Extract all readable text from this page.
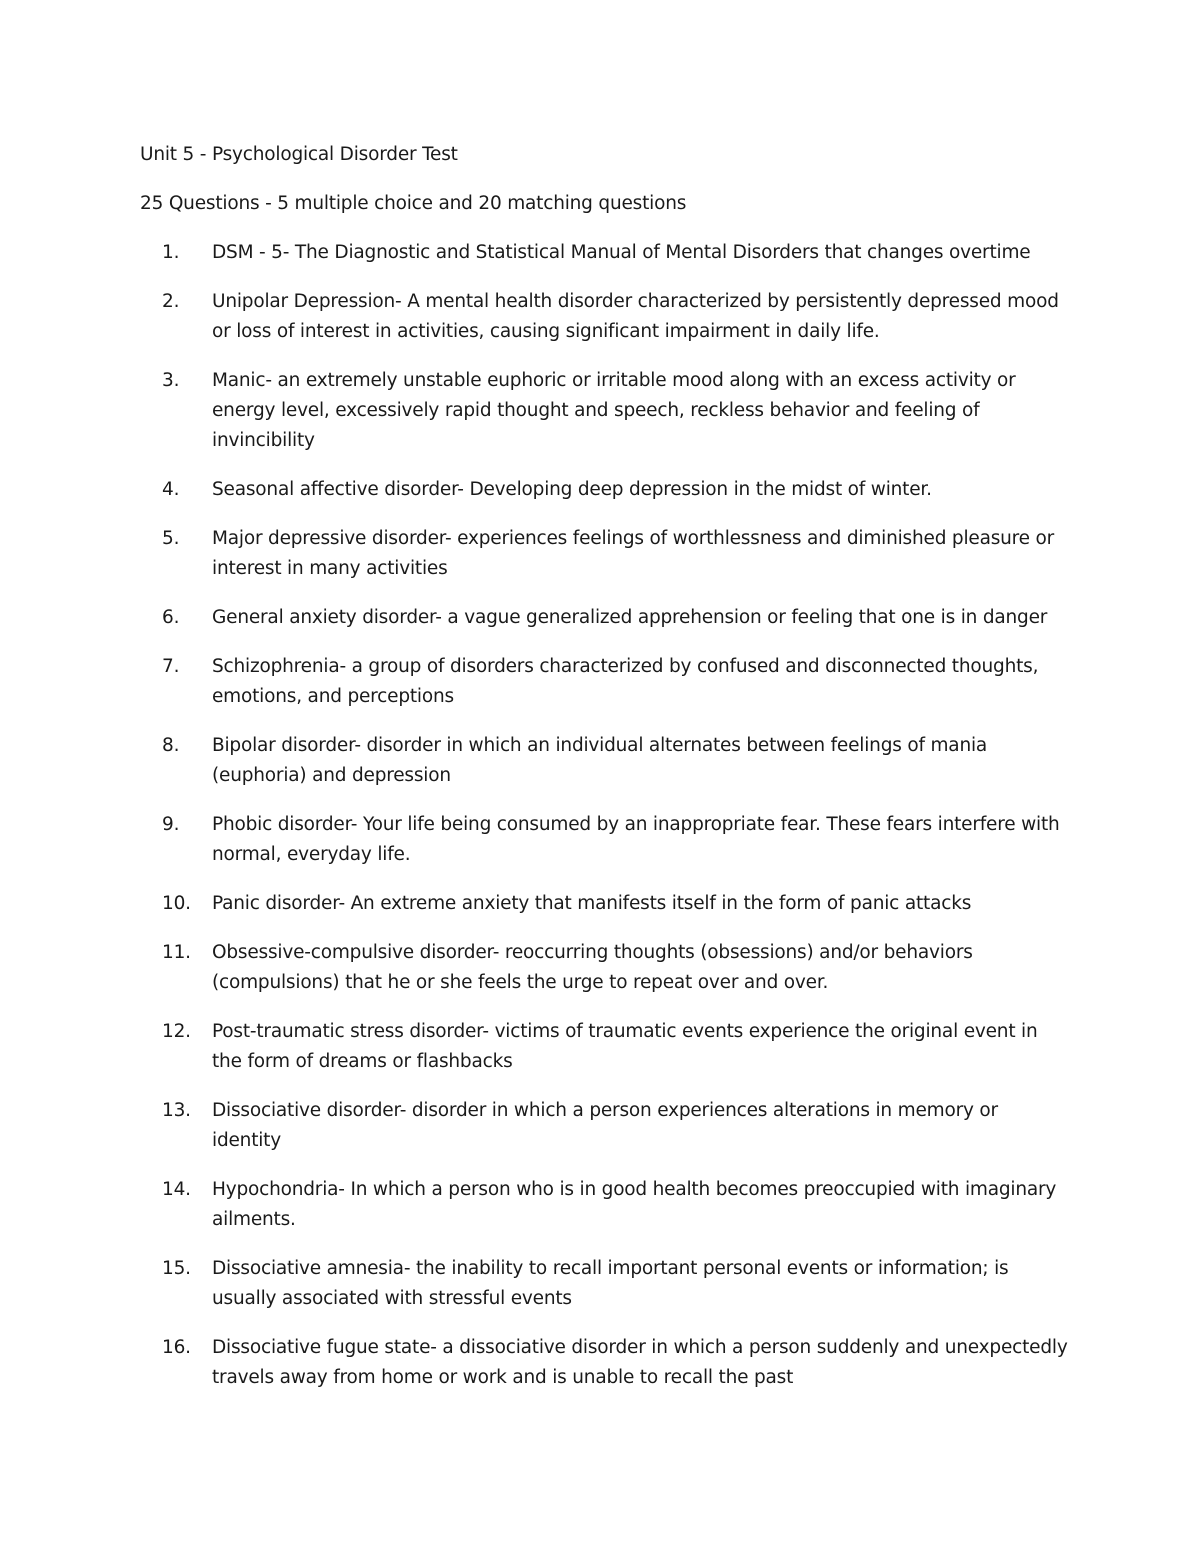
Unit 5 - Psychological Disorder Test

25 Questions - 5 multiple choice and 20 matching questions

1.	DSM - 5- The Diagnostic and Statistical Manual of Mental Disorders that changes overtime
2.	Unipolar Depression- A mental health disorder characterized by persistently depressed mood or loss of interest in activities, causing significant impairment in daily life.
3.	Manic- an extremely unstable euphoric or irritable mood along with an excess activity or energy level, excessively rapid thought and speech, reckless behavior and feeling of invincibility
4.	Seasonal affective disorder- Developing deep depression in the midst of winter.
5.	Major depressive disorder- experiences feelings of worthlessness and diminished pleasure or interest in many activities
6.	General anxiety disorder- a vague generalized apprehension or feeling that one is in danger
7.	Schizophrenia- a group of disorders characterized by confused and disconnected thoughts, emotions, and perceptions
8.	Bipolar disorder- disorder in which an individual alternates between feelings of mania (euphoria) and depression
9.	Phobic disorder- Your life being consumed by an inappropriate fear. These fears interfere with normal, everyday life.
10.	Panic disorder- An extreme anxiety that manifests itself in the form of panic attacks
11.	Obsessive-compulsive disorder- reoccurring thoughts (obsessions) and/or behaviors (compulsions) that he or she feels the urge to repeat over and over.
12.	Post-traumatic stress disorder- victims of traumatic events experience the original event in the form of dreams or flashbacks
13.	Dissociative disorder- disorder in which a person experiences alterations in memory or identity
14.	Hypochondria- In which a person who is in good health becomes preoccupied with imaginary ailments.
15.	Dissociative amnesia- the inability to recall important personal events or information; is usually associated with stressful events
16.	Dissociative fugue state- a dissociative disorder in which a person suddenly and unexpectedly travels away from home or work and is unable to recall the past
